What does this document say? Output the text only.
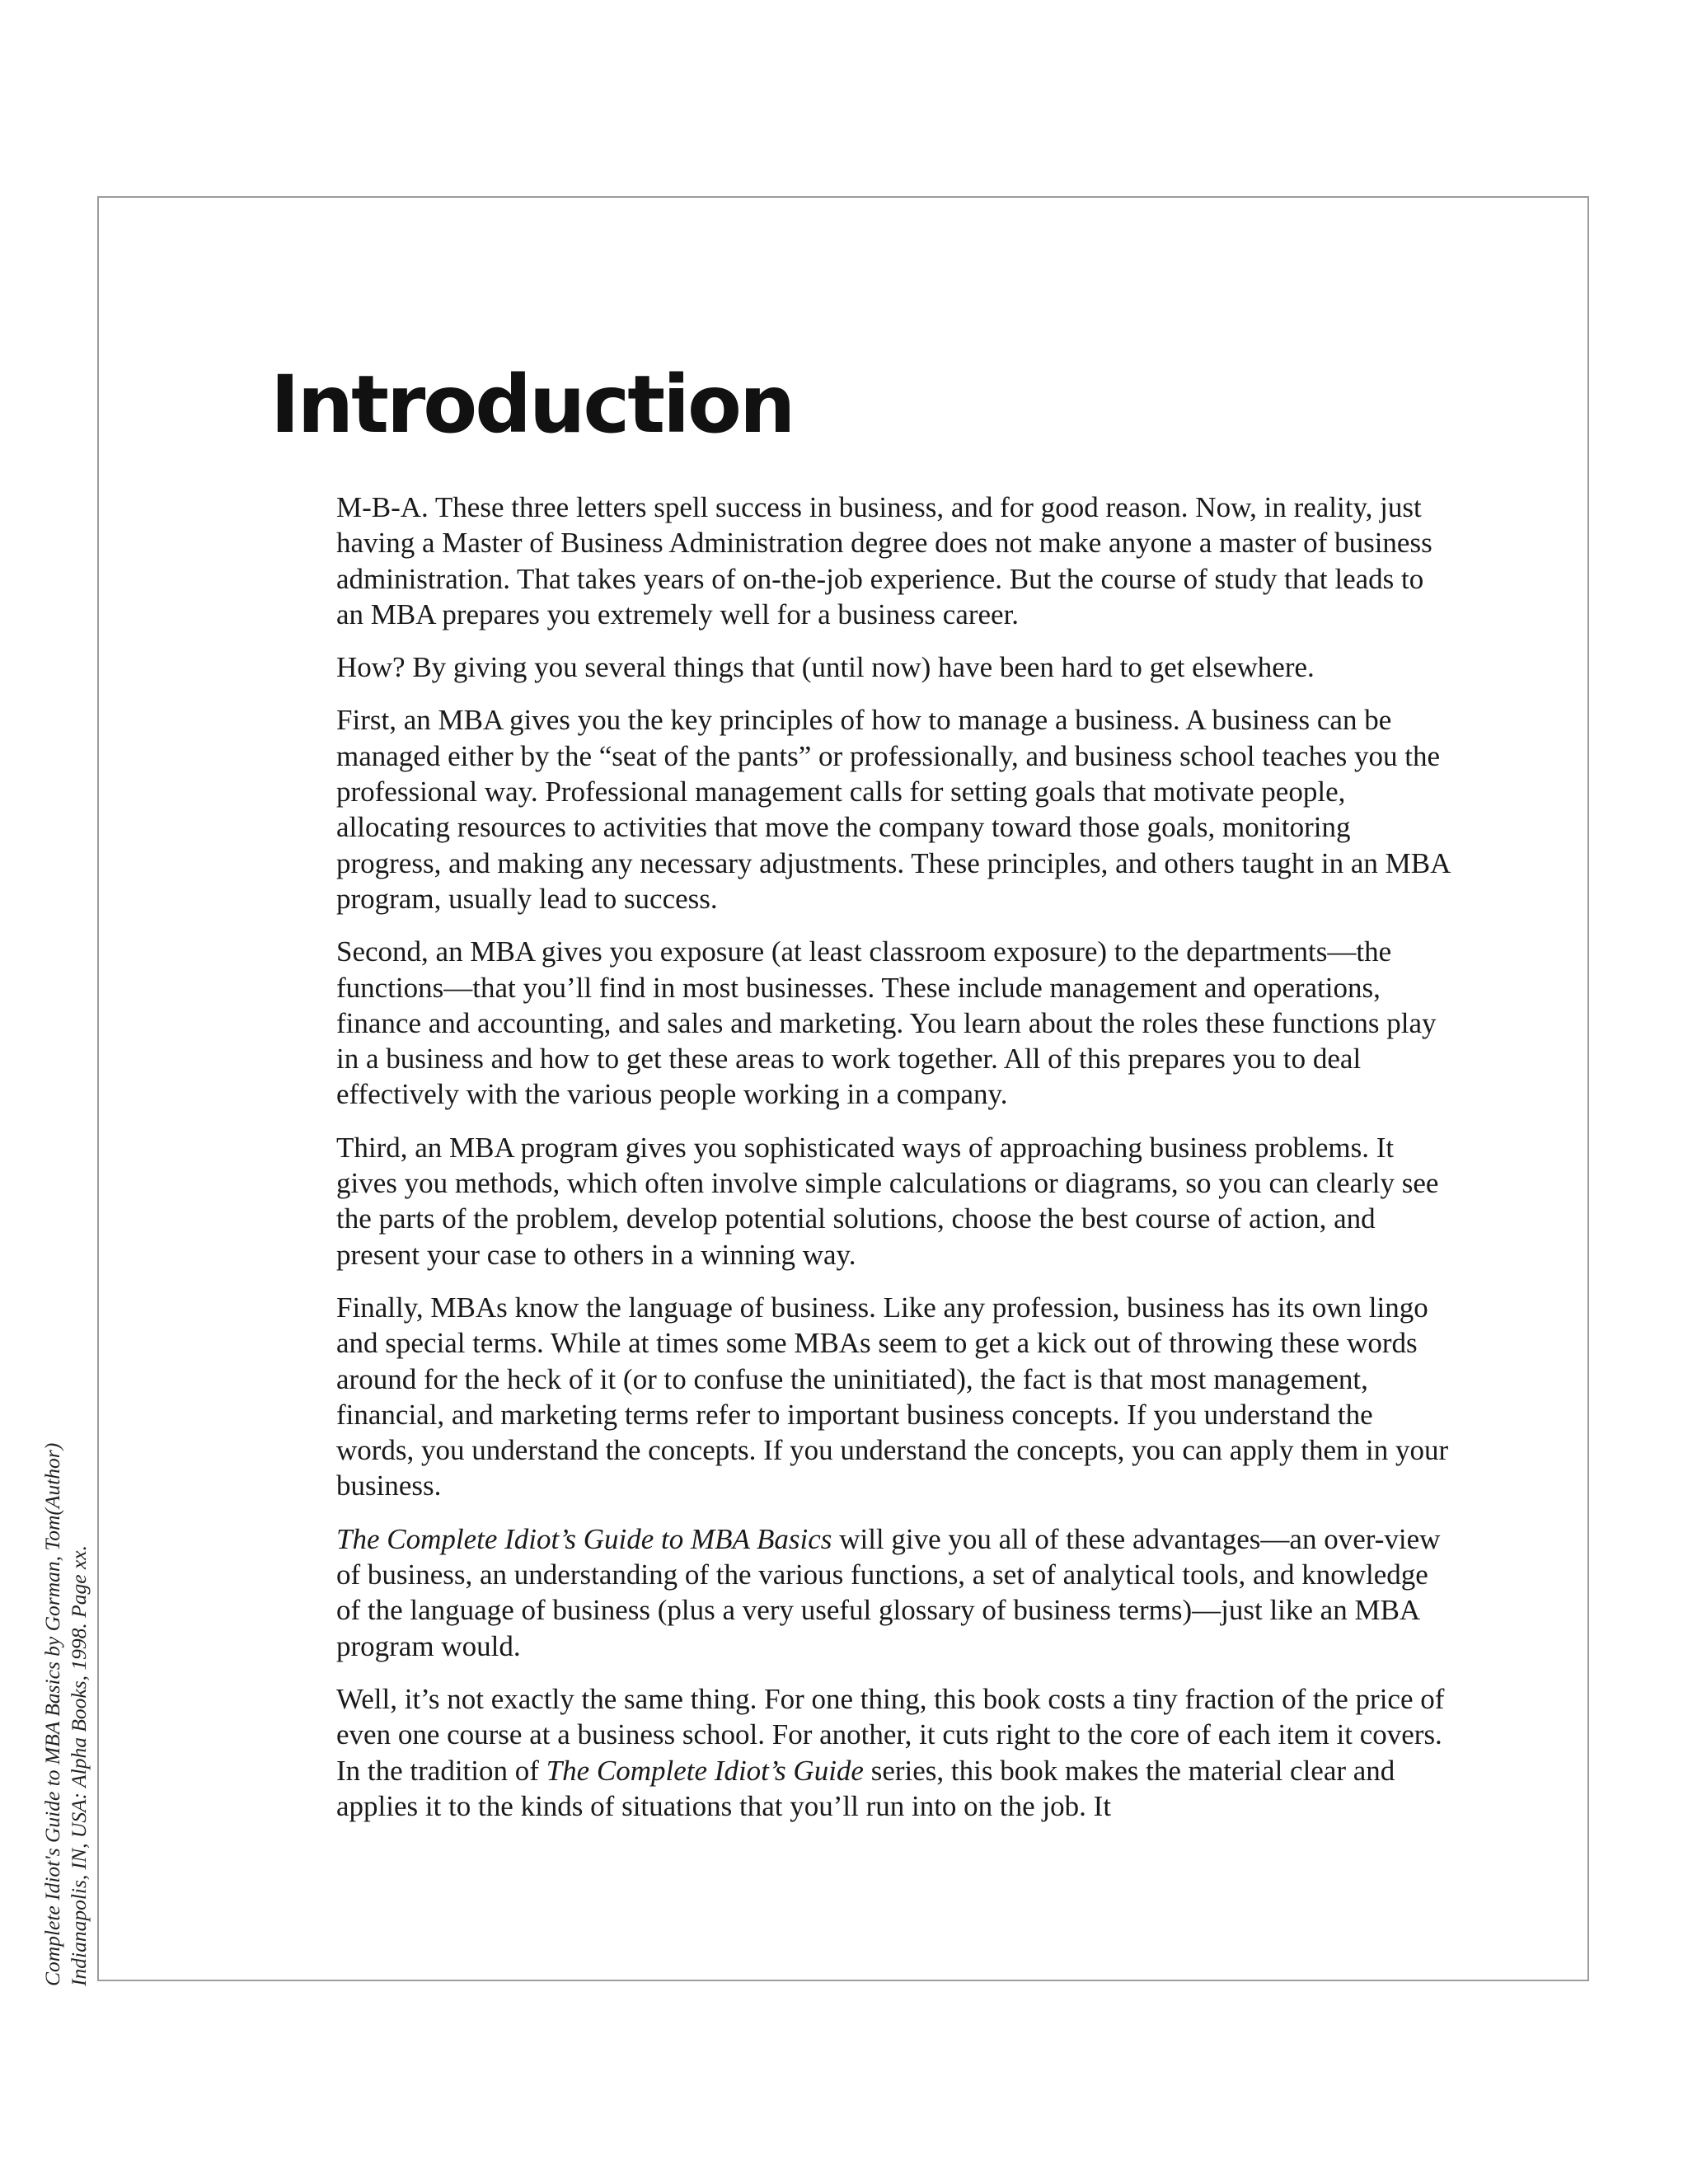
Introduction

M-B-A. These three letters spell success in business, and for good reason. Now, in reality, just having a Master of Business Administration degree does not make anyone a master of business administration. That takes years of on-the-job experience. But the course of study that leads to an MBA prepares you extremely well for a business career.

How? By giving you several things that (until now) have been hard to get elsewhere.

First, an MBA gives you the key principles of how to manage a business. A business can be managed either by the “seat of the pants” or professionally, and business school teaches you the professional way. Professional management calls for setting goals that motivate people, allocating resources to activities that move the company toward those goals, monitoring progress, and making any necessary adjustments. These principles, and others taught in an MBA program, usually lead to success.

Second, an MBA gives you exposure (at least classroom exposure) to the departments—the functions—that you’ll find in most businesses. These include management and operations, finance and accounting, and sales and marketing. You learn about the roles these functions play in a business and how to get these areas to work together. All of this prepares you to deal effectively with the various people working in a company.

Third, an MBA program gives you sophisticated ways of approaching business problems. It gives you methods, which often involve simple calculations or diagrams, so you can clearly see the parts of the problem, develop potential solutions, choose the best course of action, and present your case to others in a winning way.

Finally, MBAs know the language of business. Like any profession, business has its own lingo and special terms. While at times some MBAs seem to get a kick out of throwing these words around for the heck of it (or to confuse the uninitiated), the fact is that most management, financial, and marketing terms refer to important business concepts. If you understand the words, you understand the concepts. If you understand the concepts, you can apply them in your business.

The Complete Idiot’s Guide to MBA Basics will give you all of these advantages—an over-view of business, an understanding of the various functions, a set of analytical tools, and knowledge of the language of business (plus a very useful glossary of business terms)—just like an MBA program would.

Well, it’s not exactly the same thing. For one thing, this book costs a tiny fraction of the price of even one course at a business school. For another, it cuts right to the core of each item it covers. In the tradition of The Complete Idiot’s Guide series, this book makes the material clear and applies it to the kinds of situations that you’ll run into on the job. It

Complete Idiot's Guide to MBA Basics by Gorman, Tom(Author) Indianapolis, IN, USA: Alpha Books, 1998. Page xx.
